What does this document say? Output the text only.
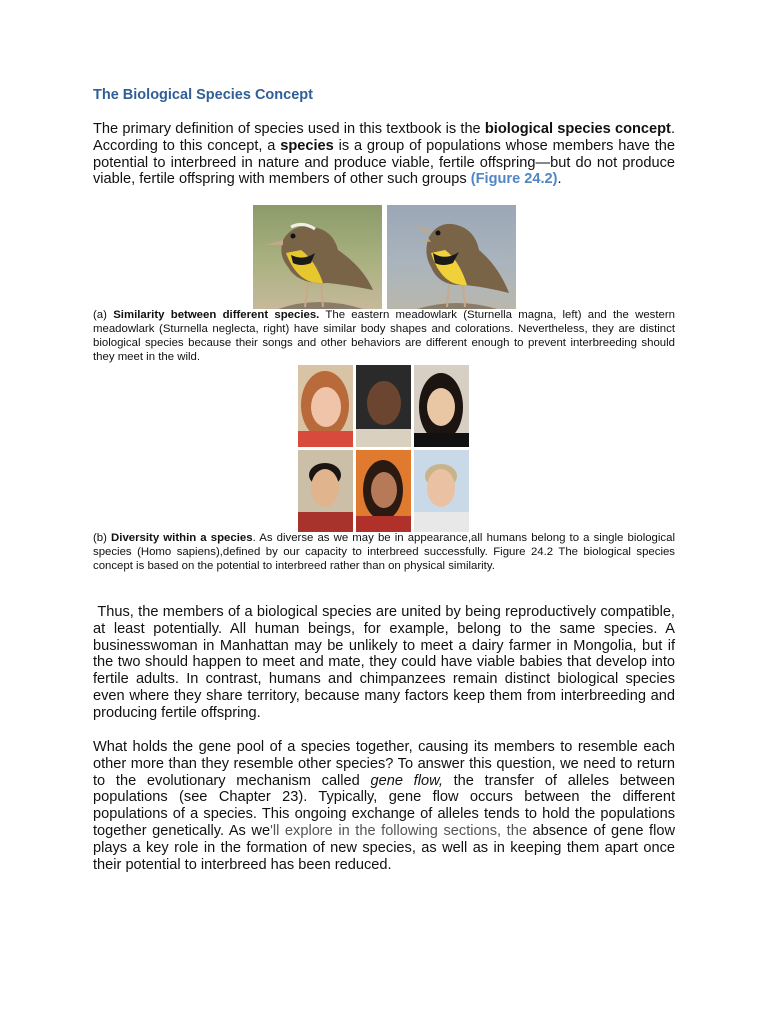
The Biological Species Concept

The primary definition of species used in this textbook is the biological species concept. According to this concept, a species is a group of populations whose members have the potential to interbreed in nature and produce viable, fertile offspring—but do not produce viable, fertile offspring with members of other such groups (Figure 24.2).

(a) Similarity between different species. The eastern meadowlark (Sturnella magna, left) and the western meadowlark (Sturnella neglecta, right) have similar body shapes and colorations. Nevertheless, they are distinct biological species because their songs and other behaviors are different enough to prevent interbreeding should they meet in the wild.

(b) Diversity within a species. As diverse as we may be in appearance,all humans belong to a single biological species (Homo sapiens),defined by our capacity to interbreed successfully. Figure 24.2 The biological species concept is based on the potential to interbreed rather than on physical similarity.

Thus, the members of a biological species are united by being reproductively compatible, at least potentially. All human beings, for example, belong to the same species. A businesswoman in Manhattan may be unlikely to meet a dairy farmer in Mongolia, but if the two should happen to meet and mate, they could have viable babies that develop into fertile adults. In contrast, humans and chimpanzees remain distinct biological species even where they share territory, because many factors keep them from interbreeding and producing fertile offspring.

What holds the gene pool of a species together, causing its members to resemble each other more than they resemble other species? To answer this question, we need to return to the evolutionary mechanism called gene flow, the transfer of alleles between populations (see Chapter 23). Typically, gene flow occurs between the different populations of a species. This ongoing exchange of alleles tends to hold the populations together genetically. As we'll explore in the following sections, the absence of gene flow plays a key role in the formation of new species, as well as in keeping them apart once their potential to interbreed has been reduced.
